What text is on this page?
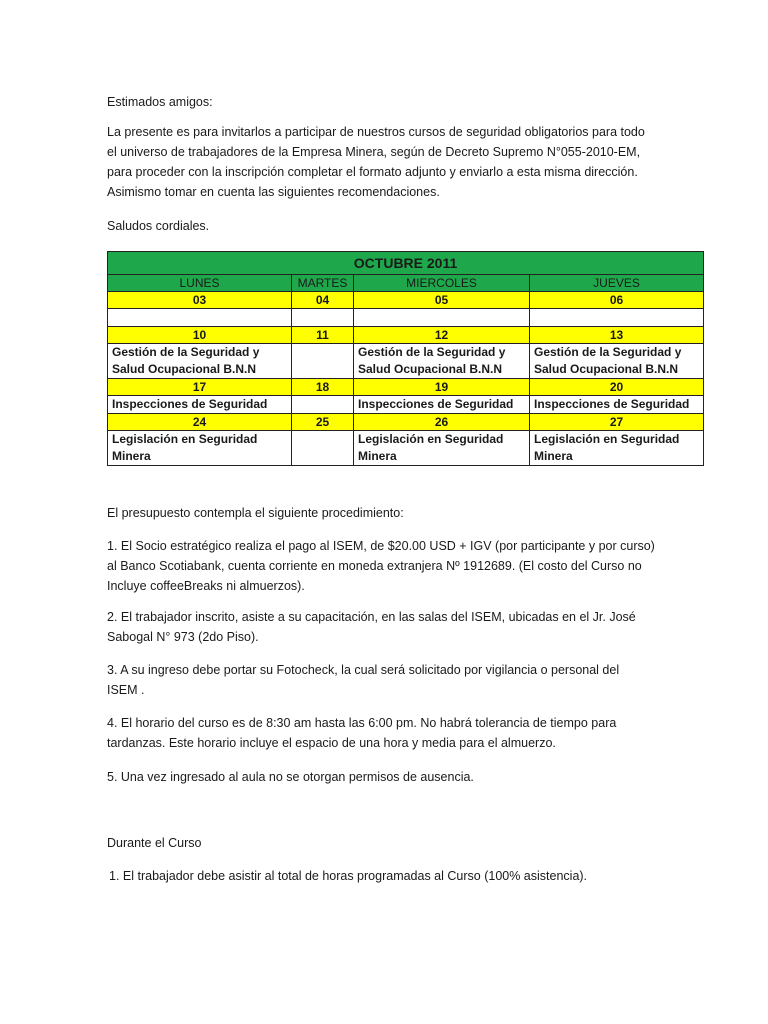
Estimados amigos:
La presente es para invitarlos a participar de nuestros cursos de seguridad obligatorios para todo
el universo de trabajadores de la Empresa Minera, según de Decreto Supremo N°055-2010-EM,
para proceder con la inscripción completar el formato adjunto y enviarlo a esta misma dirección.
Asimismo tomar en cuenta las siguientes recomendaciones.
Saludos cordiales.
OCTUBRE 2011			
LUNES	MARTES	MIERCOLES	JUEVES
03	04	05	06

10	11	12	13
Gestión de la Seguridad y Salud Ocupacional B.N.N		Gestión de la Seguridad y Salud Ocupacional B.N.N	Gestión de la Seguridad y Salud Ocupacional B.N.N
17	18	19	20
Inspecciones de Seguridad		Inspecciones de Seguridad	Inspecciones de Seguridad
24	25	26	27
Legislación en Seguridad Minera		Legislación en Seguridad Minera	Legislación en Seguridad Minera
El presupuesto contempla el siguiente procedimiento:
1. El Socio estratégico realiza el pago al ISEM, de $20.00 USD + IGV (por participante y por curso)
al Banco Scotiabank, cuenta corriente en moneda extranjera Nº 1912689. (El costo del Curso no
Incluye coffeeBreaks ni almuerzos).
2. El trabajador inscrito, asiste a su capacitación, en las salas del ISEM, ubicadas en el Jr. José
Sabogal N° 973 (2do Piso).
3. A su ingreso debe portar su Fotocheck, la cual será solicitado por vigilancia o personal del
ISEM .
4. El horario del curso es de 8:30 am hasta las 6:00 pm. No habrá tolerancia de tiempo para
tardanzas. Este horario incluye el espacio de una hora y media para el almuerzo.
5. Una vez ingresado al aula no se otorgan permisos de ausencia.
Durante el Curso
1. El trabajador debe asistir al total de horas programadas al Curso (100% asistencia).
